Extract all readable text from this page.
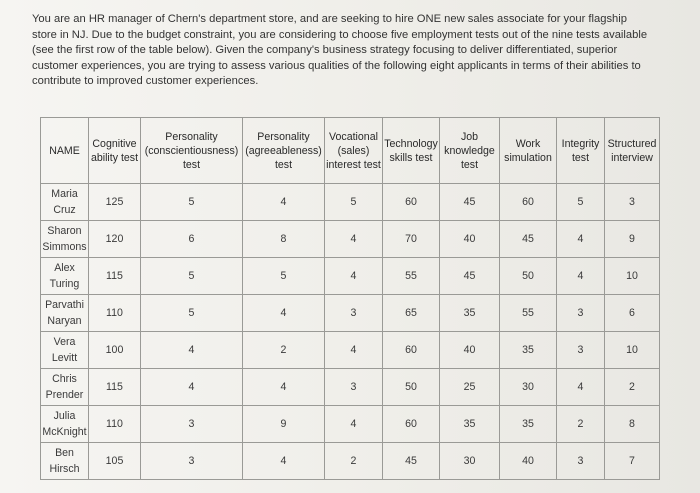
You are an HR manager of Chern's department store, and are seeking to hire ONE new sales associate for your flagship store in NJ. Due to the budget constraint, you are considering to choose five employment tests out of the nine tests available (see the first row of the table below). Given the company's business strategy focusing to deliver differentiated, superior customer experiences, you are trying to assess various qualities of the following eight applicants in terms of their abilities to contribute to improved customer experiences.
NAME	Cognitive ability test	Personality (conscientiousness) test	Personality (agreeableness) test	Vocational (sales) interest test	Technology skills test	Job knowledge test	Work simulation	Integrity test	Structured interview
Maria Cruz	125	5	4	5	60	45	60	5	3
Sharon Simmons	120	6	8	4	70	40	45	4	9
Alex Turing	115	5	5	4	55	45	50	4	10
Parvathi Naryan	110	5	4	3	65	35	55	3	6
Vera Levitt	100	4	2	4	60	40	35	3	10
Chris Prender	115	4	4	3	50	25	30	4	2
Julia McKnight	110	3	9	4	60	35	35	2	8
Ben Hirsch	105	3	4	2	45	30	40	3	7
